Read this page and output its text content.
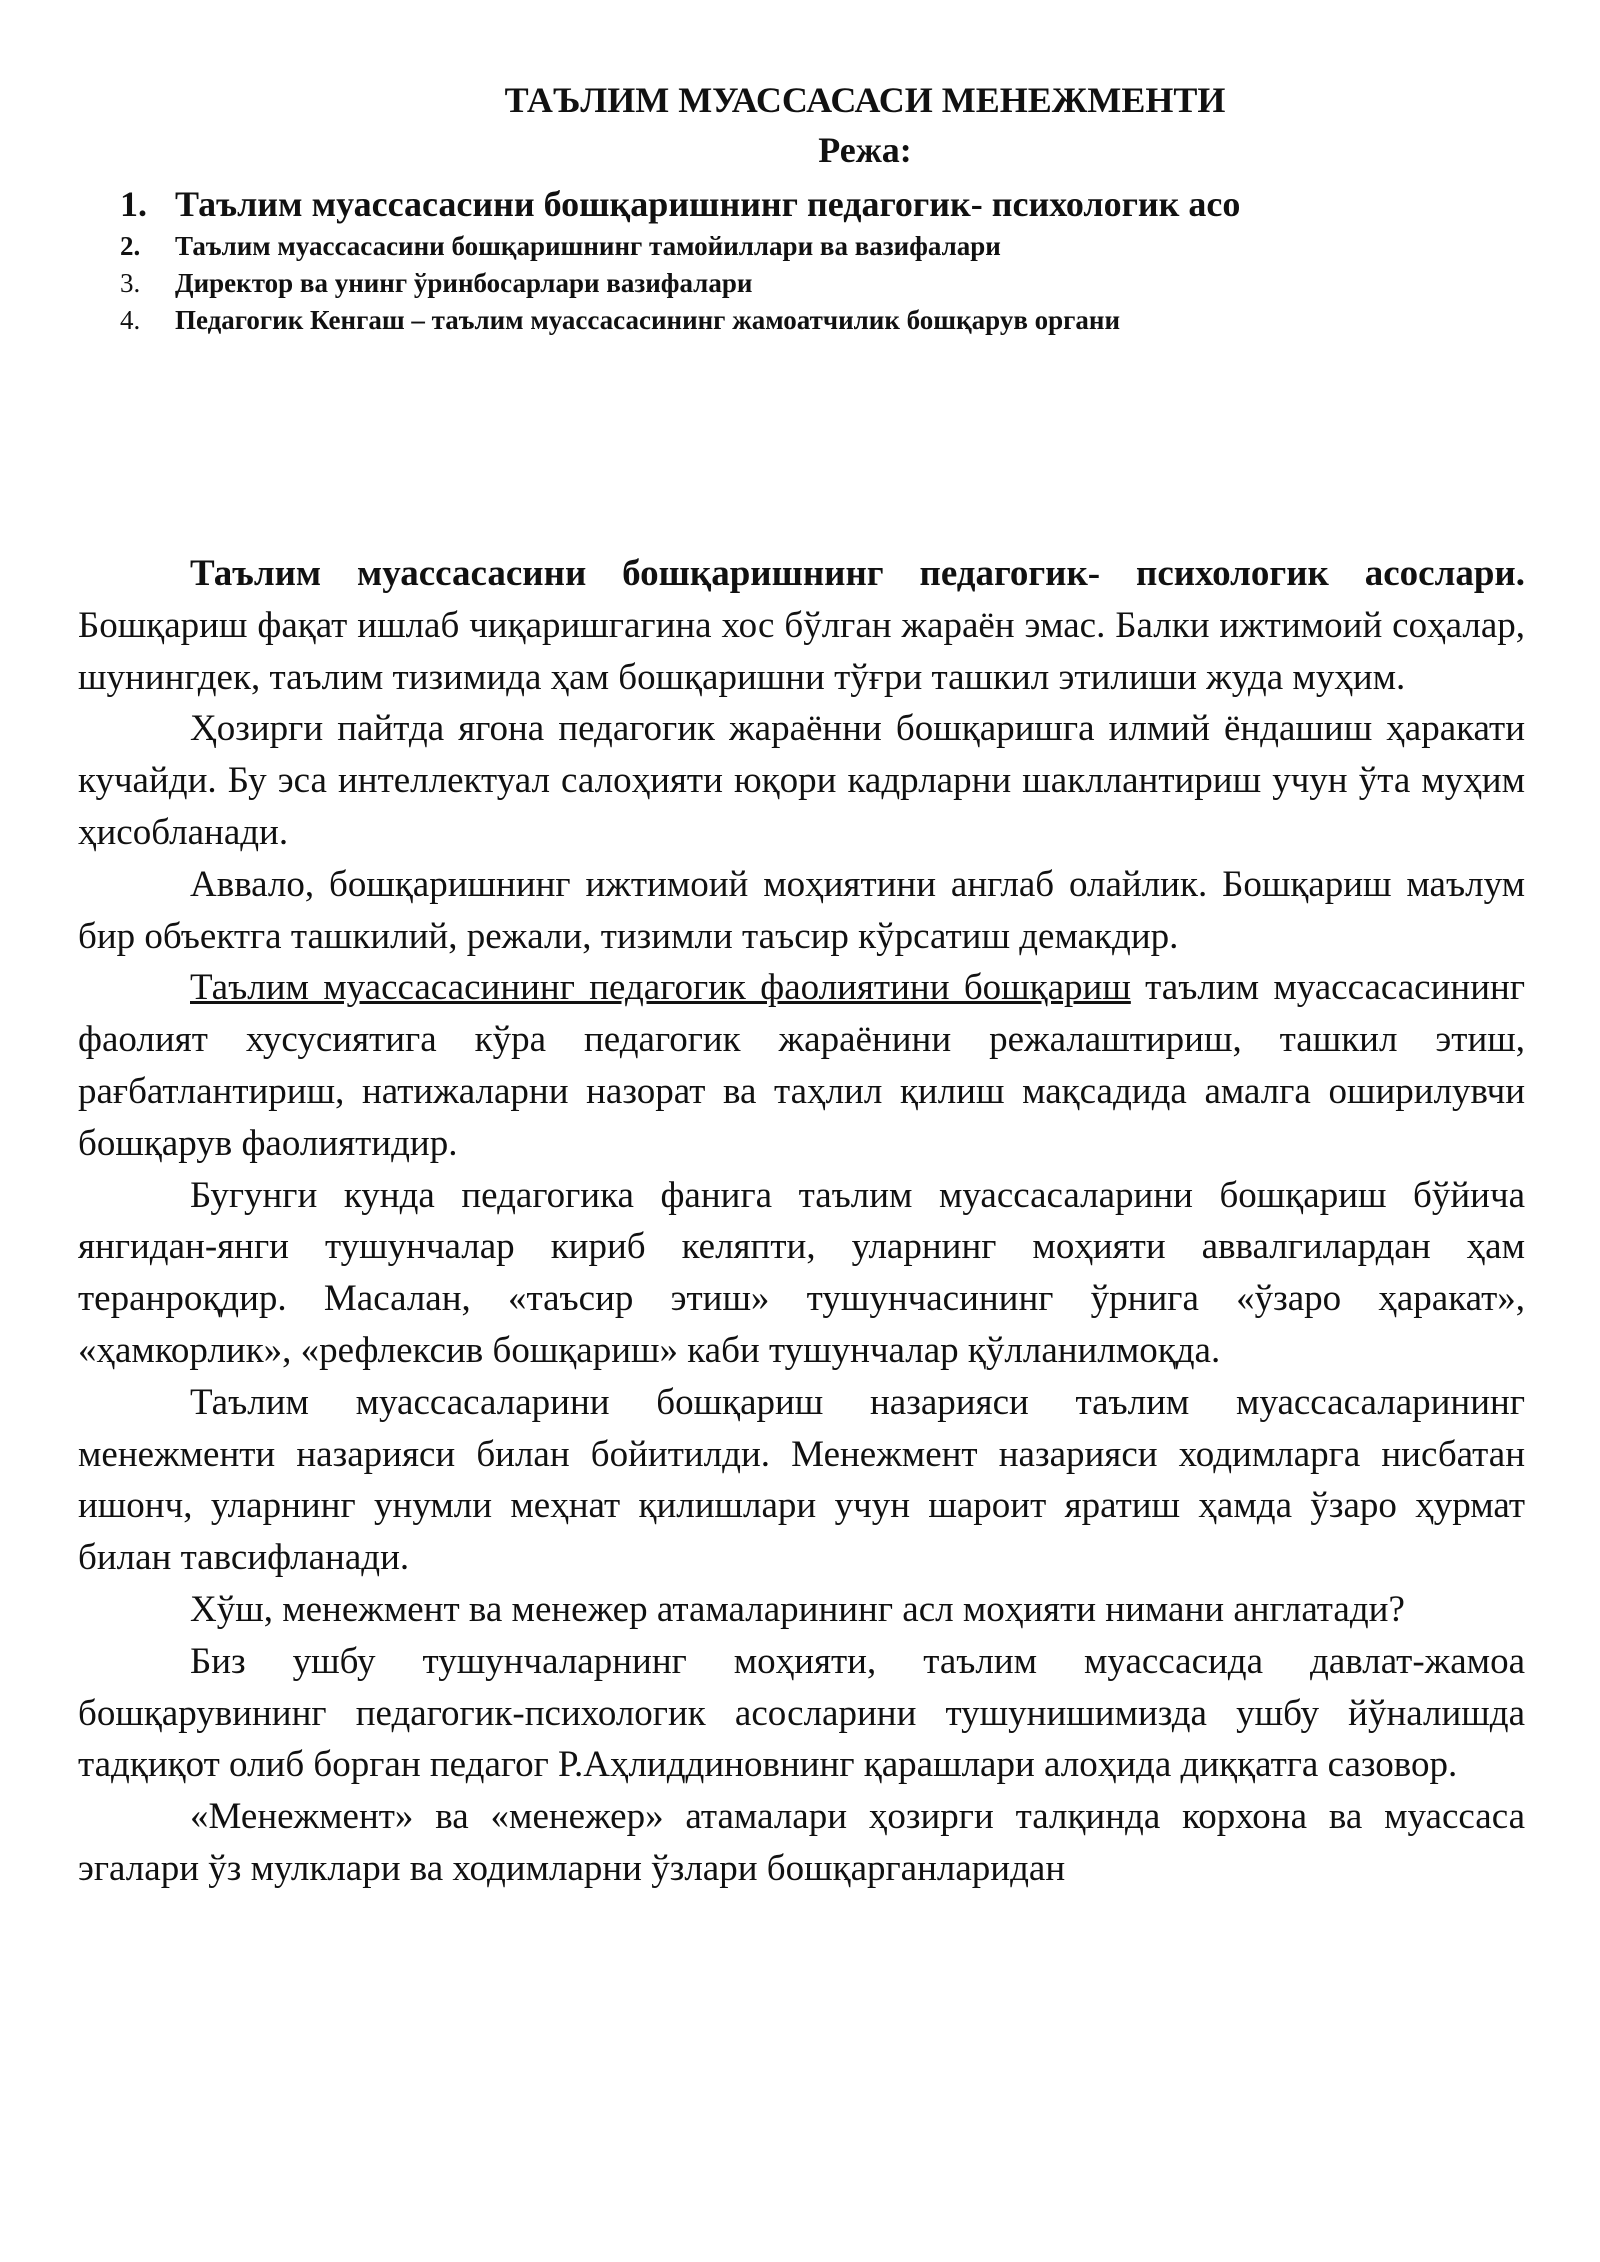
ТАЪЛИМ МУАССАСАСИ МЕНЕЖМЕНТИ
Режа:
1. Таълим муассасасини бошқаришнинг педагогик- психологик асо
2.	Таълим муассасасини бошқаришнинг тамойиллари ва вазифалари
3.	Директор ва унинг ўринбосарлари вазифалари
4.	Педагогик Кенгаш – таълим муассасасининг жамоатчилик бошқарув органи

Таълим муассасасини бошқаришнинг педагогик- психологик асослари. Бошқариш фақат ишлаб чиқаришгагина хос бўлган жараён эмас. Балки ижтимоий соҳалар, шунингдек, таълим тизимида ҳам бошқаришни тўғри ташкил этилиши жуда муҳим.

Ҳозирги пайтда ягона педагогик жараённи бошқаришга илмий ёндашиш ҳаракати кучайди. Бу эса интеллектуал салоҳияти юқори кадрларни шакллантириш учун ўта муҳим ҳисобланади.

Аввало, бошқаришнинг ижтимоий моҳиятини англаб олайлик. Бошқариш маълум бир объектга ташкилий, режали, тизимли таъсир кўрсатиш демакдир.

Таълим муассасасининг педагогик фаолиятини бошқариш таълим муассасасининг фаолият хусусиятига кўра педагогик жараёнини режалаштириш, ташкил этиш, рағбатлантириш, натижаларни назорат ва таҳлил қилиш мақсадида амалга оширилувчи бошқарув фаолиятидир.

Бугунги кунда педагогика фанига таълим муассасаларини бошқариш бўйича янгидан-янги тушунчалар кириб келяпти, уларнинг моҳияти аввалгилардан ҳам теранроқдир. Масалан, «таъсир этиш» тушунчасининг ўрнига «ўзаро ҳаракат», «ҳамкорлик», «рефлексив бошқариш» каби тушунчалар қўлланилмоқда.

Таълим муассасаларини бошқариш назарияси таълим муассасаларининг менежменти назарияси билан бойитилди. Менежмент назарияси ходимларга нисбатан ишонч, уларнинг унумли меҳнат қилишлари учун шароит яратиш ҳамда ўзаро ҳурмат билан тавсифланади.

Хўш, менежмент ва менежер атамаларининг асл моҳияти нимани англатади?

Биз ушбу тушунчаларнинг моҳияти, таълим муассасида давлат-жамоа бошқарувининг педагогик-психологик асосларини тушунишимизда ушбу йўналишда тадқиқот олиб борган педагог Р.Аҳлиддиновнинг қарашлари алоҳида диққатга сазовор.

«Менежмент» ва «менежер» атамалари ҳозирги талқинда корхона ва муассаса эгалари ўз мулклари ва ходимларни ўзлари бошқарганларидан
